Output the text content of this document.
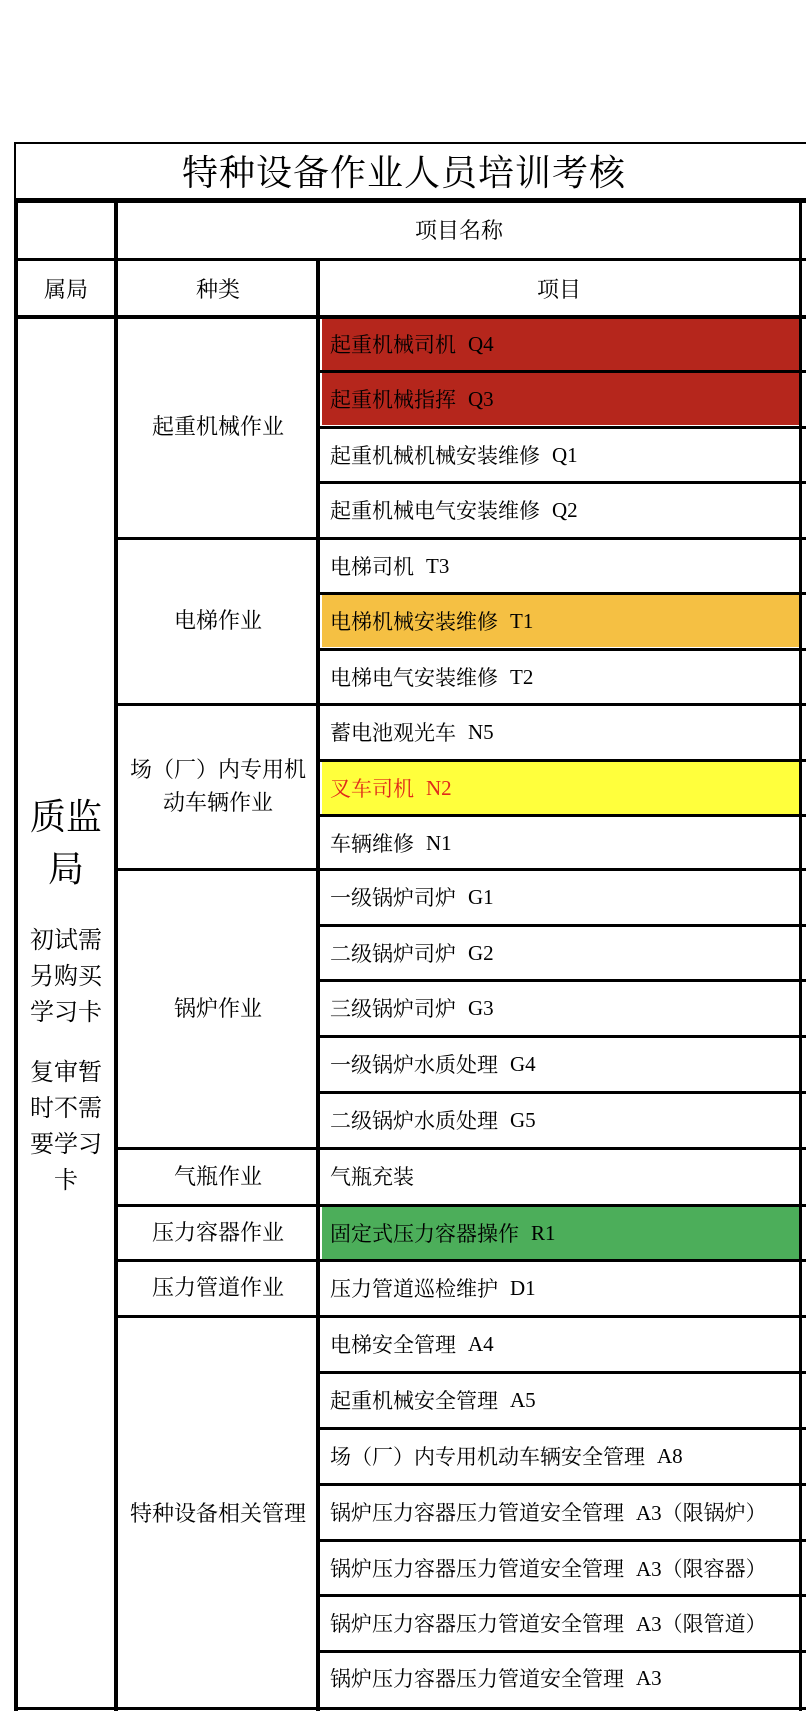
特种设备作业人员培训考核
项目名称
属局	种类	项目
质监
局
初试需
另购买
学习卡
复审暂
时不需
要学习
卡
起重机械作业
电梯作业
场（厂）内专用机
动车辆作业
锅炉作业
气瓶作业
压力容器作业
压力管道作业
特种设备相关管理
起重机械司机 Q4
起重机械指挥 Q3
起重机械机械安装维修 Q1
起重机械电气安装维修 Q2
电梯司机 T3
电梯机械安装维修 T1
电梯电气安装维修 T2
蓄电池观光车 N5
叉车司机 N2
车辆维修 N1
一级锅炉司炉 G1
二级锅炉司炉 G2
三级锅炉司炉 G3
一级锅炉水质处理 G4
二级锅炉水质处理 G5
气瓶充装
固定式压力容器操作 R1
压力管道巡检维护 D1
电梯安全管理 A4
起重机械安全管理 A5
场（厂）内专用机动车辆安全管理 A8
锅炉压力容器压力管道安全管理 A3（限锅炉）
锅炉压力容器压力管道安全管理 A3（限容器）
锅炉压力容器压力管道安全管理 A3（限管道）
锅炉压力容器压力管道安全管理 A3
